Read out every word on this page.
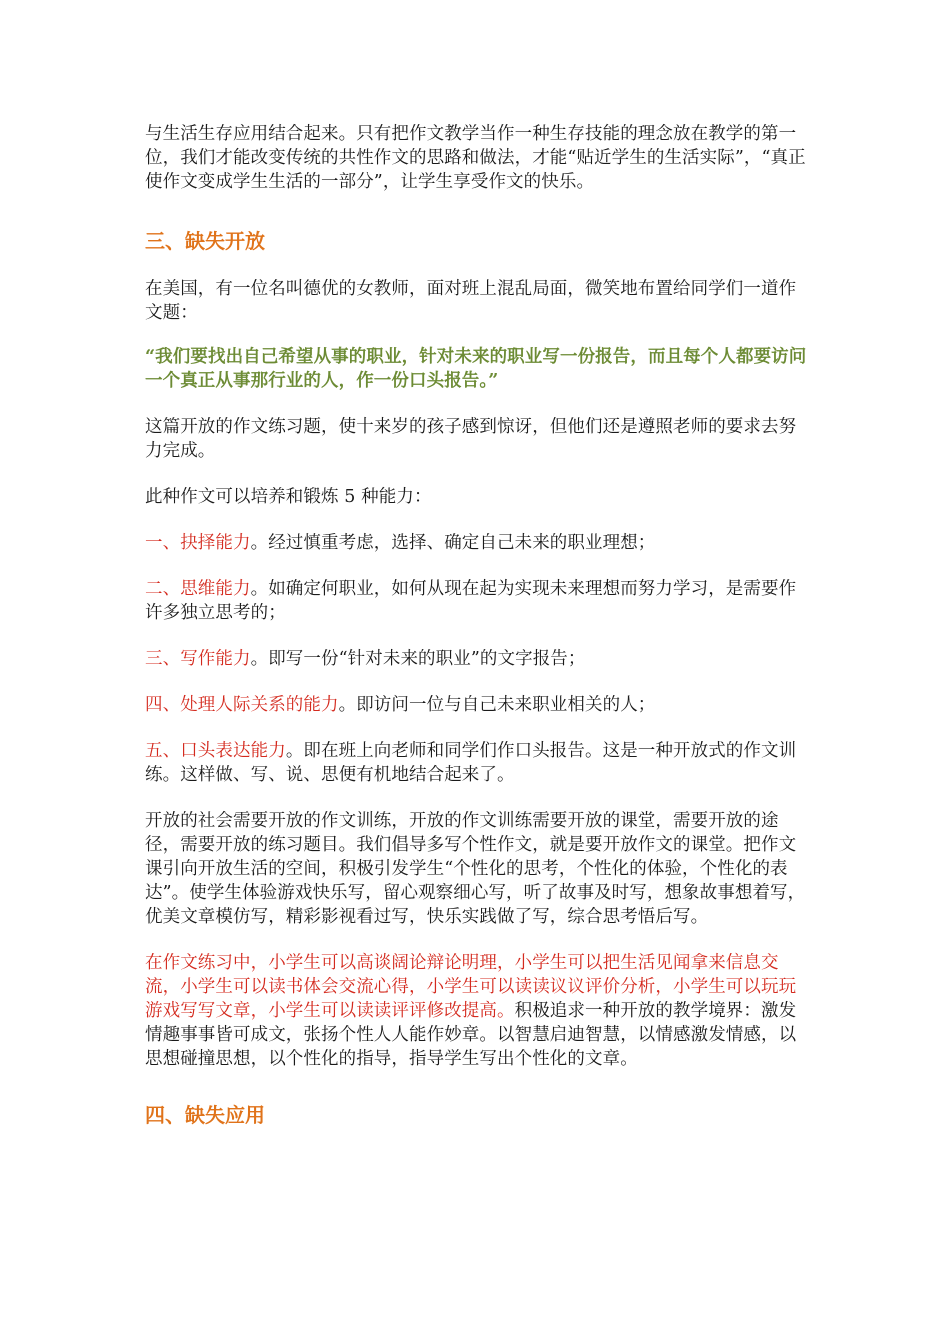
与生活生存应用结合起来。只有把作文教学当作一种生存技能的理念放在教学的第一位，我们才能改变传统的共性作文的思路和做法，才能“贴近学生的生活实际”，“真正使作文变成学生生活的一部分”，让学生享受作文的快乐。

三、缺失开放

在美国，有一位名叫德优的女教师，面对班上混乱局面，微笑地布置给同学们一道作文题：

“我们要找出自己希望从事的职业，针对未来的职业写一份报告，而且每个人都要访问一个真正从事那行业的人，作一份口头报告。”

这篇开放的作文练习题，使十来岁的孩子感到惊讶，但他们还是遵照老师的要求去努力完成。

此种作文可以培养和锻炼 5 种能力：

一、抉择能力。经过慎重考虑，选择、确定自己未来的职业理想；

二、思维能力。如确定何职业，如何从现在起为实现未来理想而努力学习，是需要作许多独立思考的；

三、写作能力。即写一份“针对未来的职业”的文字报告；

四、处理人际关系的能力。即访问一位与自己未来职业相关的人；

五、口头表达能力。即在班上向老师和同学们作口头报告。这是一种开放式的作文训练。这样做、写、说、思便有机地结合起来了。

开放的社会需要开放的作文训练，开放的作文训练需要开放的课堂，需要开放的途径，需要开放的练习题目。我们倡导多写个性作文，就是要开放作文的课堂。把作文课引向开放生活的空间，积极引发学生“个性化的思考，个性化的体验，个性化的表达”。使学生体验游戏快乐写，留心观察细心写，听了故事及时写，想象故事想着写，优美文章模仿写，精彩影视看过写，快乐实践做了写，综合思考悟后写。

在作文练习中，小学生可以高谈阔论辩论明理，小学生可以把生活见闻拿来信息交流，小学生可以读书体会交流心得，小学生可以读读议议评价分析，小学生可以玩玩游戏写写文章，小学生可以读读评评修改提高。积极追求一种开放的教学境界：激发情趣事事皆可成文，张扬个性人人能作妙章。以智慧启迪智慧，以情感激发情感，以思想碰撞思想，以个性化的指导，指导学生写出个性化的文章。

四、缺失应用
